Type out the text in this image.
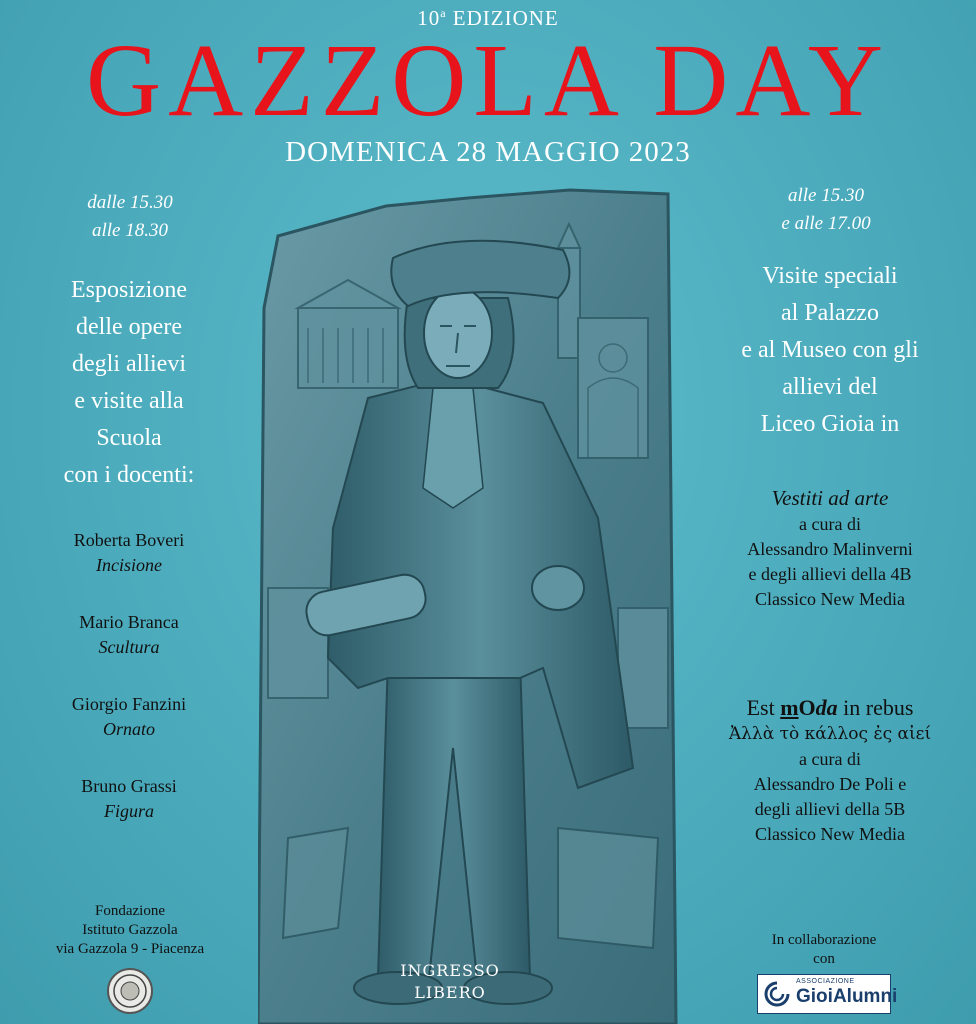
10$^a$ EDIZIONE
GAZZOLA DAY
DOMENICA 28 MAGGIO 2023
dalle 15.30
alle 18.30
Esposizione
delle opere
degli allievi
e visite alla
Scuola
con i docenti:
Roberta Boveri
Incisione
Mario Branca
Scultura
Giorgio Fanzini
Ornato
Bruno Grassi
Figura
Fondazione
Istituto Gazzola
via Gazzola 9 - Piacenza
INGRESSO
LIBERO
alle 15.30
e alle 17.00
Visite speciali
al Palazzo
e al Museo con gli
allievi del
Liceo Gioia in
Vestiti ad arte
a cura di
Alessandro Malinverni
e degli allievi della 4B
Classico New Media
Est mOda in rebus
Ἀλλὰ τὸ κάλλος ἐς αἰεί
a cura di
Alessandro De Poli e
degli allievi della 5B
Classico New Media
In collaborazione
con
ASSOCIAZIONE
GioiAlumni
